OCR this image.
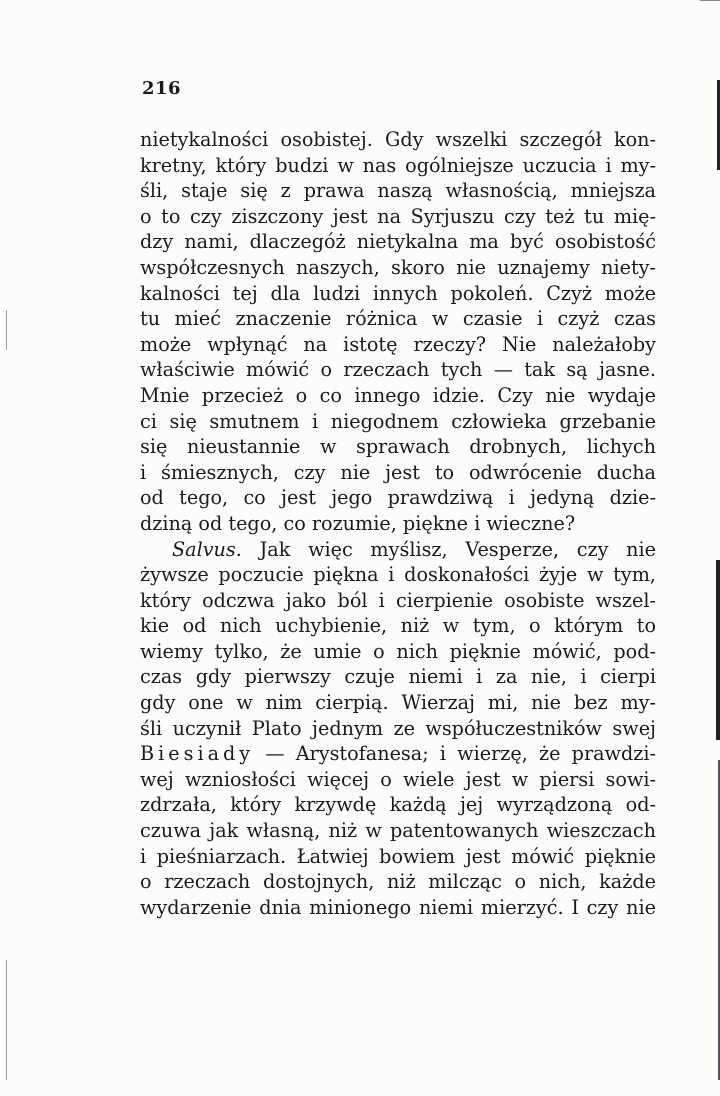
216
nietykalności osobistej. Gdy wszelki szczegół kon-
kretny, który budzi w nas ogólniejsze uczucia i my-
śli, staje się z prawa naszą własnością, mniejsza
o to czy ziszczony jest na Syrjuszu czy też tu mię-
dzy nami, dlaczegóż nietykalna ma być osobistość
współczesnych naszych, skoro nie uznajemy niety-
kalności tej dla ludzi innych pokoleń. Czyż może
tu mieć znaczenie różnica w czasie i czyż czas
może wpłynąć na istotę rzeczy? Nie należałoby
właściwie mówić o rzeczach tych — tak są jasne.
Mnie przecież o co innego idzie. Czy nie wydaje
ci się smutnem i niegodnem człowieka grzebanie
się nieustannie w sprawach drobnych, lichych
i śmiesznych, czy nie jest to odwrócenie ducha
od tego, co jest jego prawdziwą i jedyną dzie-
dziną od tego, co rozumie, piękne i wieczne?
Salvus. Jak więc myślisz, Vesperze, czy nie
żywsze poczucie piękna i doskonałości żyje w tym,
który odczwa jako ból i cierpienie osobiste wszel-
kie od nich uchybienie, niż w tym, o którym to
wiemy tylko, że umie o nich pięknie mówić, pod-
czas gdy pierwszy czuje niemi i za nie, i cierpi
gdy one w nim cierpią. Wierzaj mi, nie bez my-
śli uczynił Plato jednym ze współuczestników swej
Biesiady — Arystofanesa; i wierzę, że prawdzi-
wej wzniosłości więcej o wiele jest w piersi sowi-
zdrzała, który krzywdę każdą jej wyrządzoną od-
czuwa jak własną, niż w patentowanych wieszczach
i pieśniarzach. Łatwiej bowiem jest mówić pięknie
o rzeczach dostojnych, niż milcząc o nich, każde
wydarzenie dnia minionego niemi mierzyć. I czy nie
